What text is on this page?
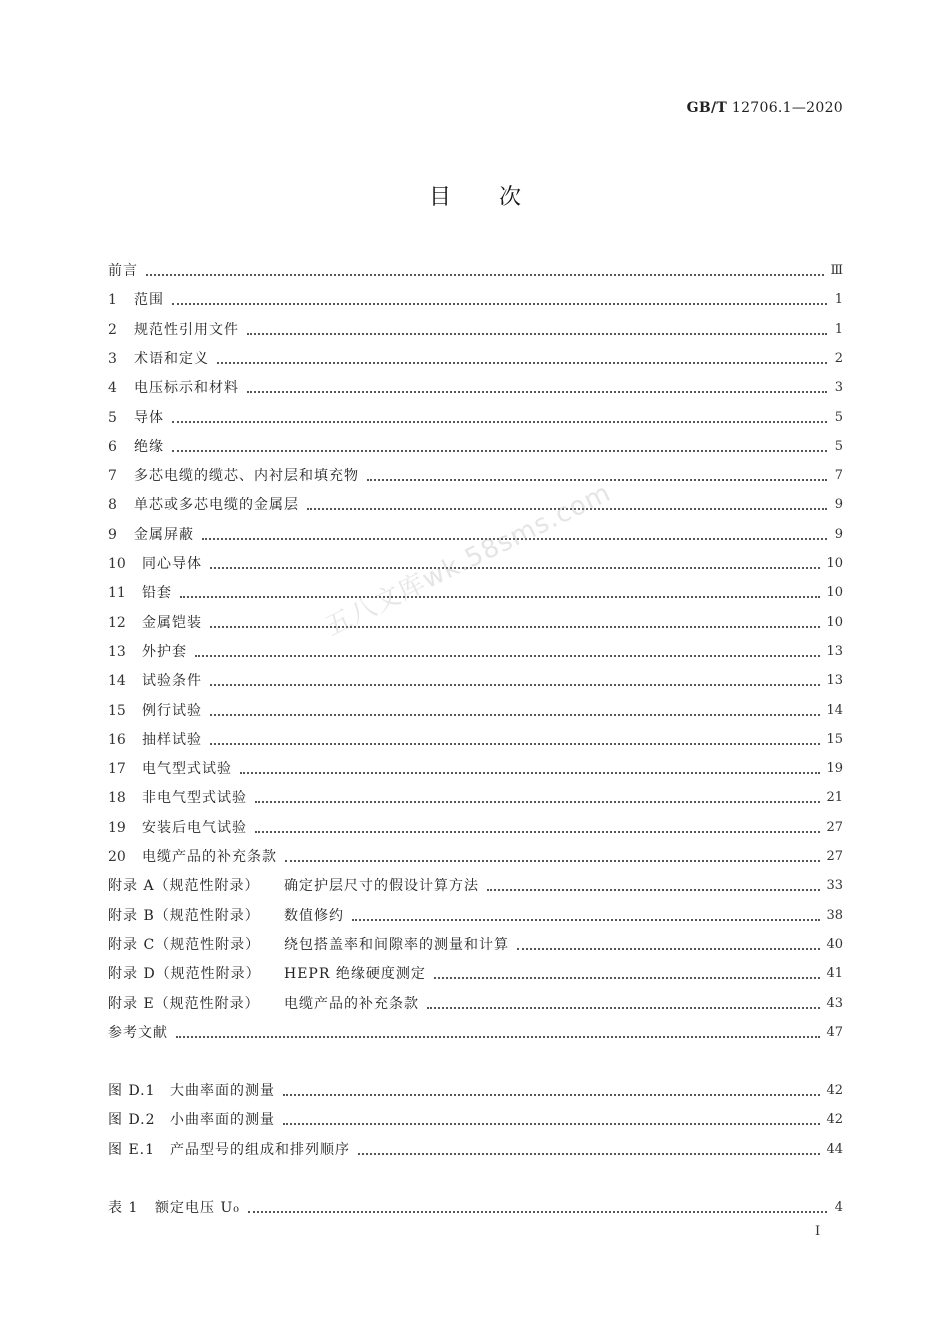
GB/T 12706.1—2020
目次
前言	Ⅲ
1	范围	1
2	规范性引用文件	1
3	术语和定义	2
4	电压标示和材料	3
5	导体	5
6	绝缘	5
7	多芯电缆的缆芯、内衬层和填充物	7
8	单芯或多芯电缆的金属层	9
9	金属屏蔽	9
10	同心导体	10
11	铅套	10
12	金属铠装	10
13	外护套	13
14	试验条件	13
15	例行试验	14
16	抽样试验	15
17	电气型式试验	19
18	非电气型式试验	21
19	安装后电气试验	27
20	电缆产品的补充条款	27
附录 A（规范性附录）	确定护层尺寸的假设计算方法	33
附录 B（规范性附录）	数值修约	38
附录 C（规范性附录）	绕包搭盖率和间隙率的测量和计算	40
附录 D（规范性附录）	HEPR 绝缘硬度测定	41
附录 E（规范性附录）	电缆产品的补充条款	43
参考文献	47
图 D.1	大曲率面的测量	42
图 D.2	小曲率面的测量	42
图 E.1	产品型号的组成和排列顺序	44
表 1	额定电压 U₀	4
五八文库wk.58sms.com
I
